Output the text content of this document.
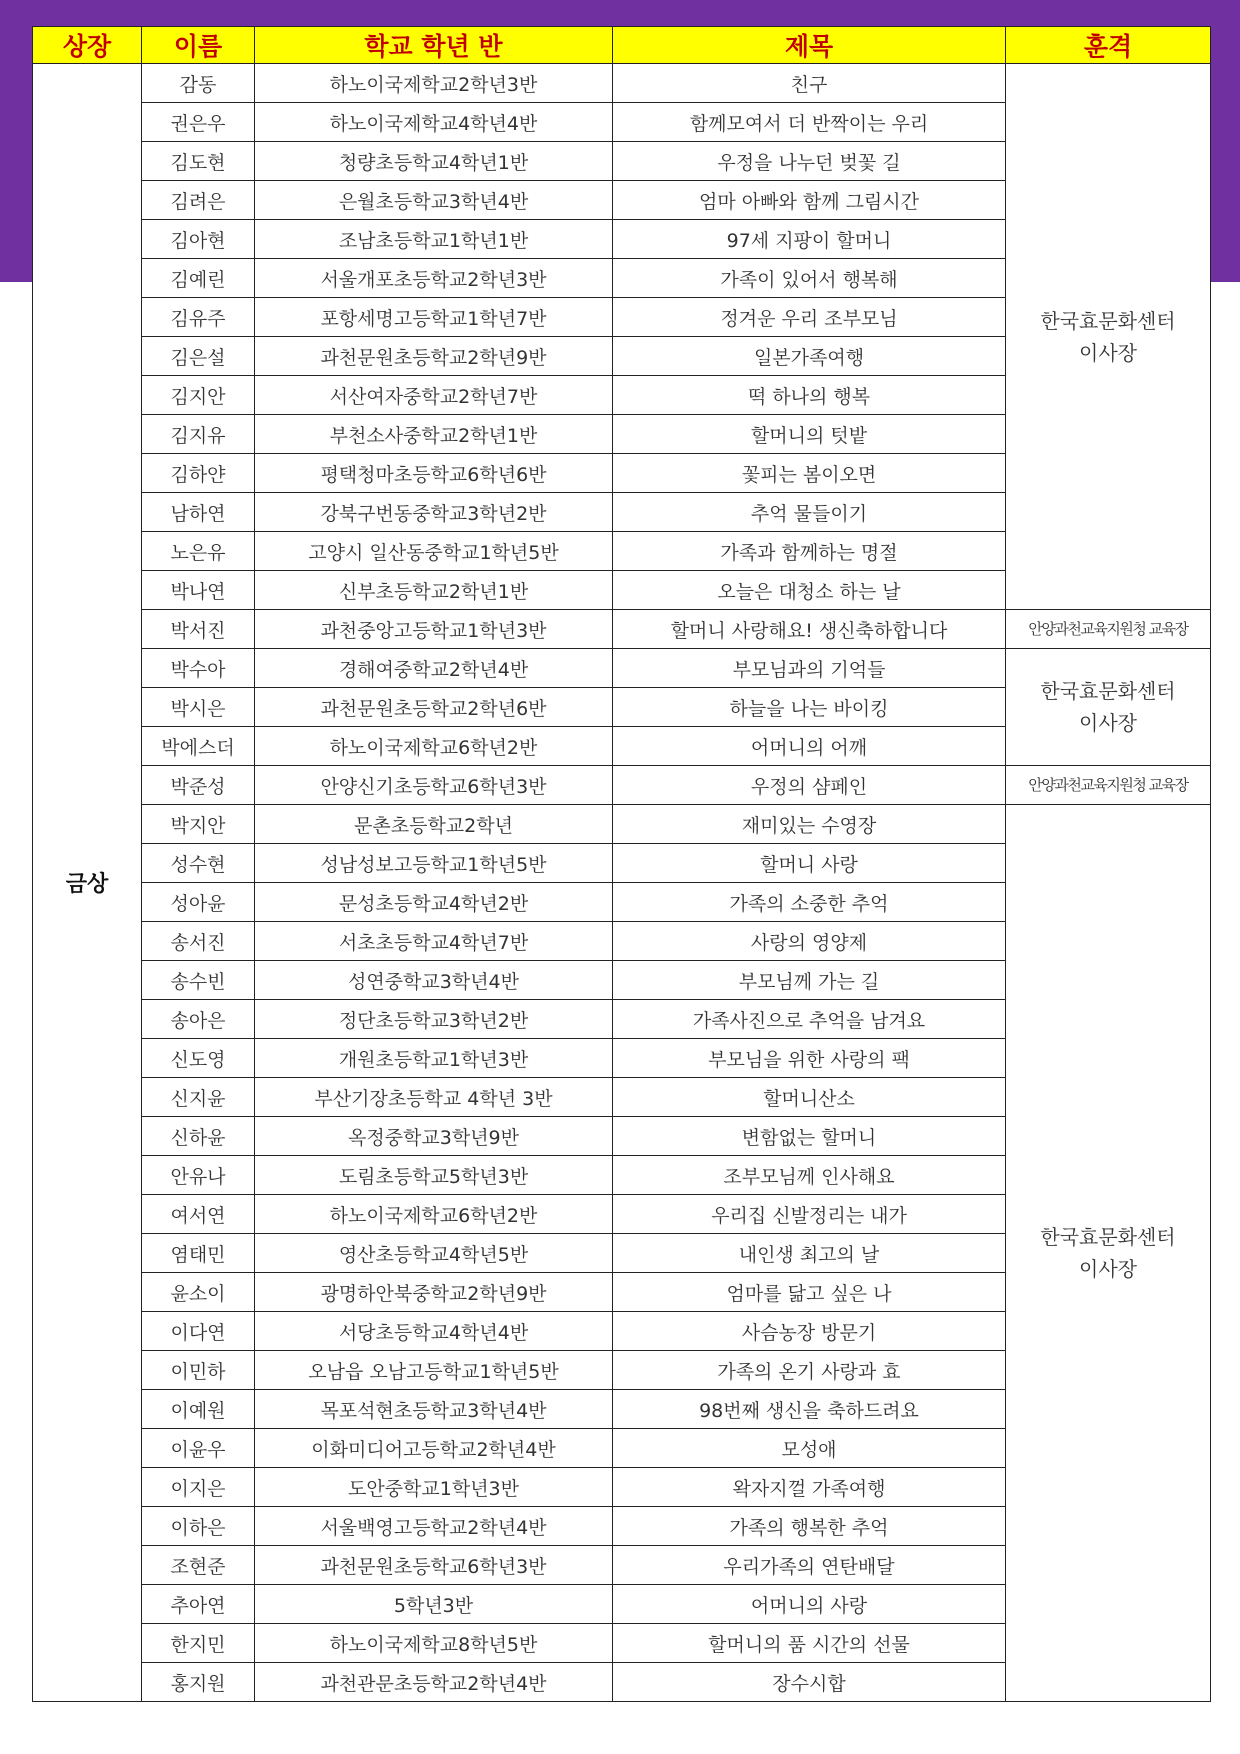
상장	이름	학교 학년 반	제목	훈격
금상	감동	하노이국제학교2학년3반	친구	한국효문화센터
이사장
	권은우	하노이국제학교4학년4반	함께모여서 더 반짝이는 우리	
	김도현	청량초등학교4학년1반	우정을 나누던 벚꽃 길	
	김려은	은월초등학교3학년4반	엄마 아빠와 함께 그림시간	
	김아현	조남초등학교1학년1반	97세 지팡이 할머니	
	김예린	서울개포초등학교2학년3반	가족이 있어서 행복해	
	김유주	포항세명고등학교1학년7반	정겨운 우리 조부모님	
	김은설	과천문원초등학교2학년9반	일본가족여행	
	김지안	서산여자중학교2학년7반	떡 하나의 행복	
	김지유	부천소사중학교2학년1반	할머니의 텃밭	
	김하얀	평택청마초등학교6학년6반	꽃피는 봄이오면	
	남하연	강북구번동중학교3학년2반	추억 물들이기	
	노은유	고양시 일산동중학교1학년5반	가족과 함께하는 명절	
	박나연	신부초등학교2학년1반	오늘은 대청소 하는 날	
	박서진	과천중앙고등학교1학년3반	할머니 사랑해요! 생신축하합니다	안양과천교육지원청 교육장
	박수아	경해여중학교2학년4반	부모님과의 기억들	한국효문화센터
이사장
	박시은	과천문원초등학교2학년6반	하늘을 나는 바이킹	
	박에스더	하노이국제학교6학년2반	어머니의 어깨	
	박준성	안양신기초등학교6학년3반	우정의 샴페인	안양과천교육지원청 교육장
	박지안	문촌초등학교2학년	재미있는 수영장	한국효문화센터
이사장
	성수현	성남성보고등학교1학년5반	할머니 사랑	
	성아윤	문성초등학교4학년2반	가족의 소중한 추억	
	송서진	서초초등학교4학년7반	사랑의 영양제	
	송수빈	성연중학교3학년4반	부모님께 가는 길	
	송아은	정단초등학교3학년2반	가족사진으로 추억을 남겨요	
	신도영	개원초등학교1학년3반	부모님을 위한 사랑의 팩	
	신지윤	부산기장초등학교 4학년 3반	할머니산소	
	신하윤	옥정중학교3학년9반	변함없는 할머니	
	안유나	도림초등학교5학년3반	조부모님께 인사해요	
	여서연	하노이국제학교6학년2반	우리집 신발정리는 내가	
	염태민	영산초등학교4학년5반	내인생 최고의 날	
	윤소이	광명하안북중학교2학년9반	엄마를 닮고 싶은 나	
	이다연	서당초등학교4학년4반	사슴농장 방문기	
	이민하	오남읍 오남고등학교1학년5반	가족의 온기 사랑과 효	
	이예원	목포석현초등학교3학년4반	98번째 생신을 축하드려요	
	이윤우	이화미디어고등학교2학년4반	모성애	
	이지은	도안중학교1학년3반	왁자지껄 가족여행	
	이하은	서울백영고등학교2학년4반	가족의 행복한 추억	
	조현준	과천문원초등학교6학년3반	우리가족의 연탄배달	
	추아연	5학년3반	어머니의 사랑	
	한지민	하노이국제학교8학년5반	할머니의 품 시간의 선물	
	홍지원	과천관문초등학교2학년4반	장수시합	
